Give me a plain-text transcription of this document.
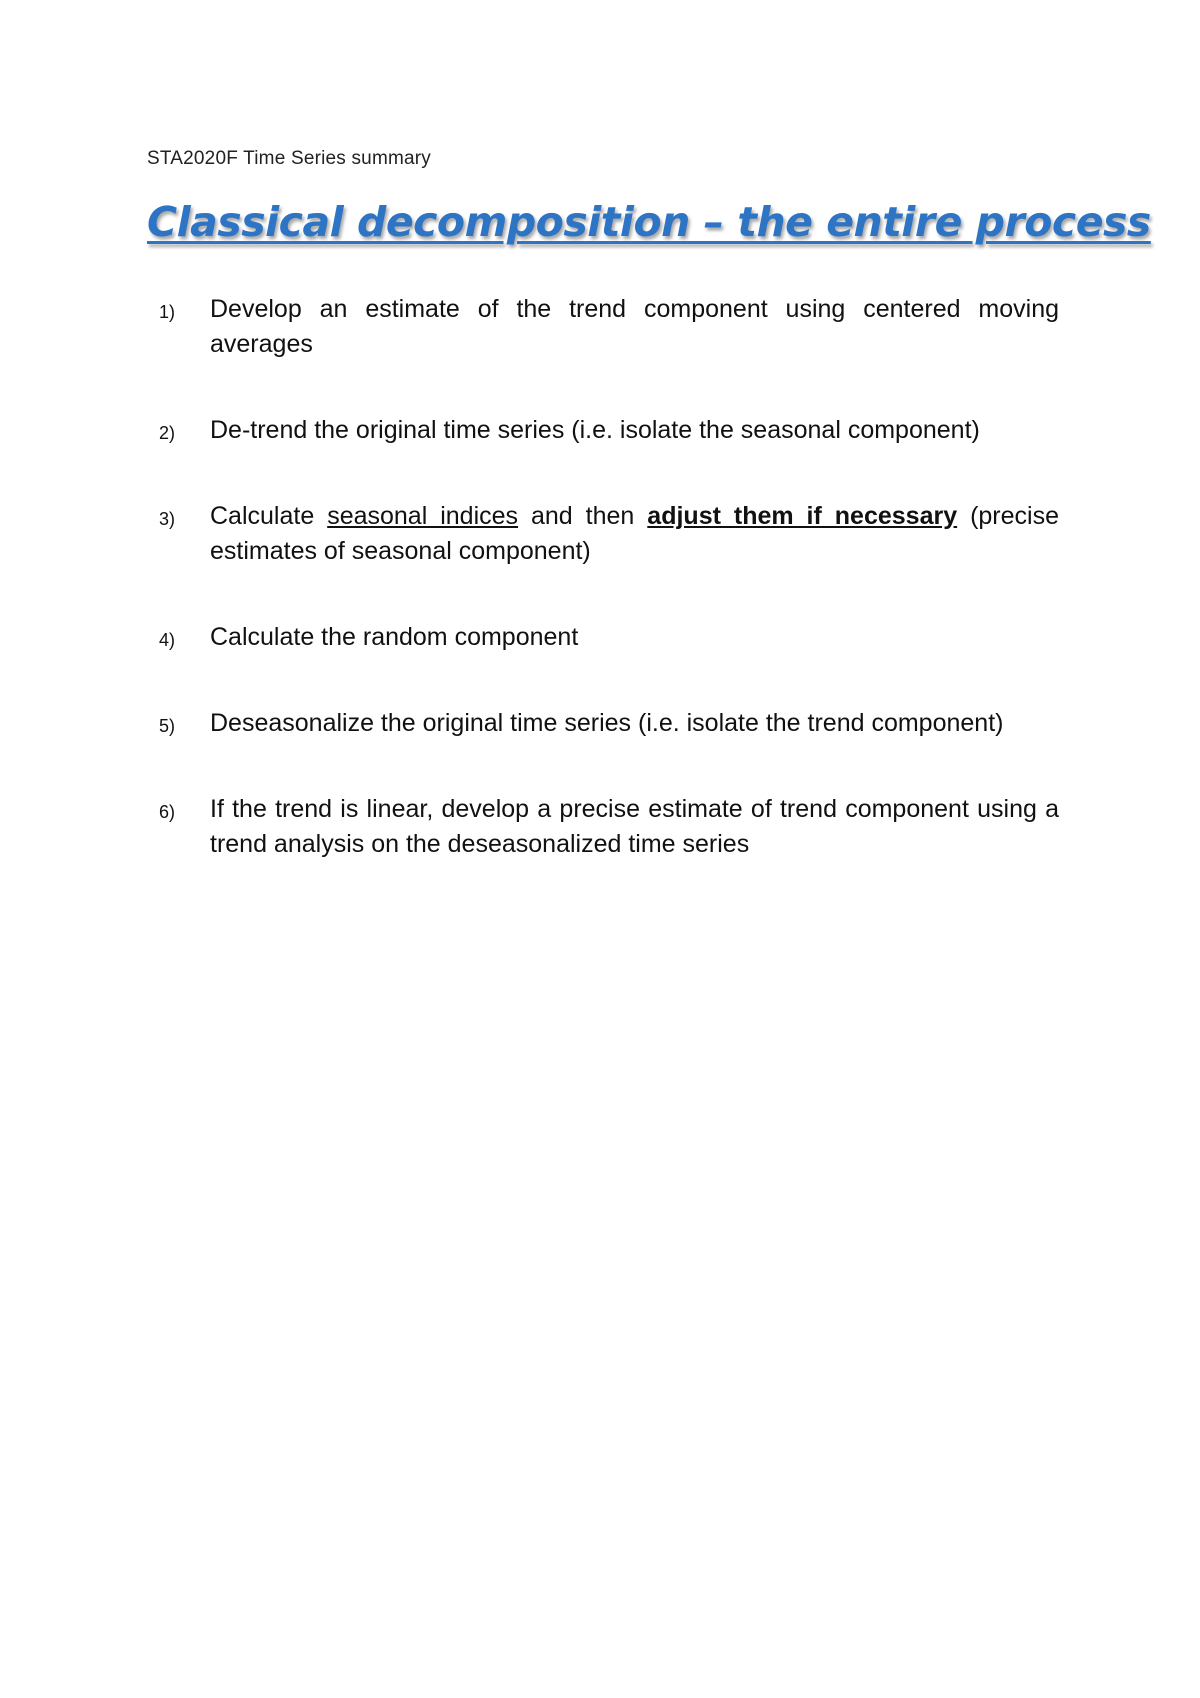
STA2020F Time Series summary
Classical decomposition – the entire process
1) Develop an estimate of the trend component using centered moving averages
2) De-trend the original time series (i.e. isolate the seasonal component)
3) Calculate seasonal indices and then adjust them if necessary (precise estimates of seasonal component)
4) Calculate the random component
5) Deseasonalize the original time series (i.e. isolate the trend component)
6) If the trend is linear, develop a precise estimate of trend component using a trend analysis on the deseasonalized time series
